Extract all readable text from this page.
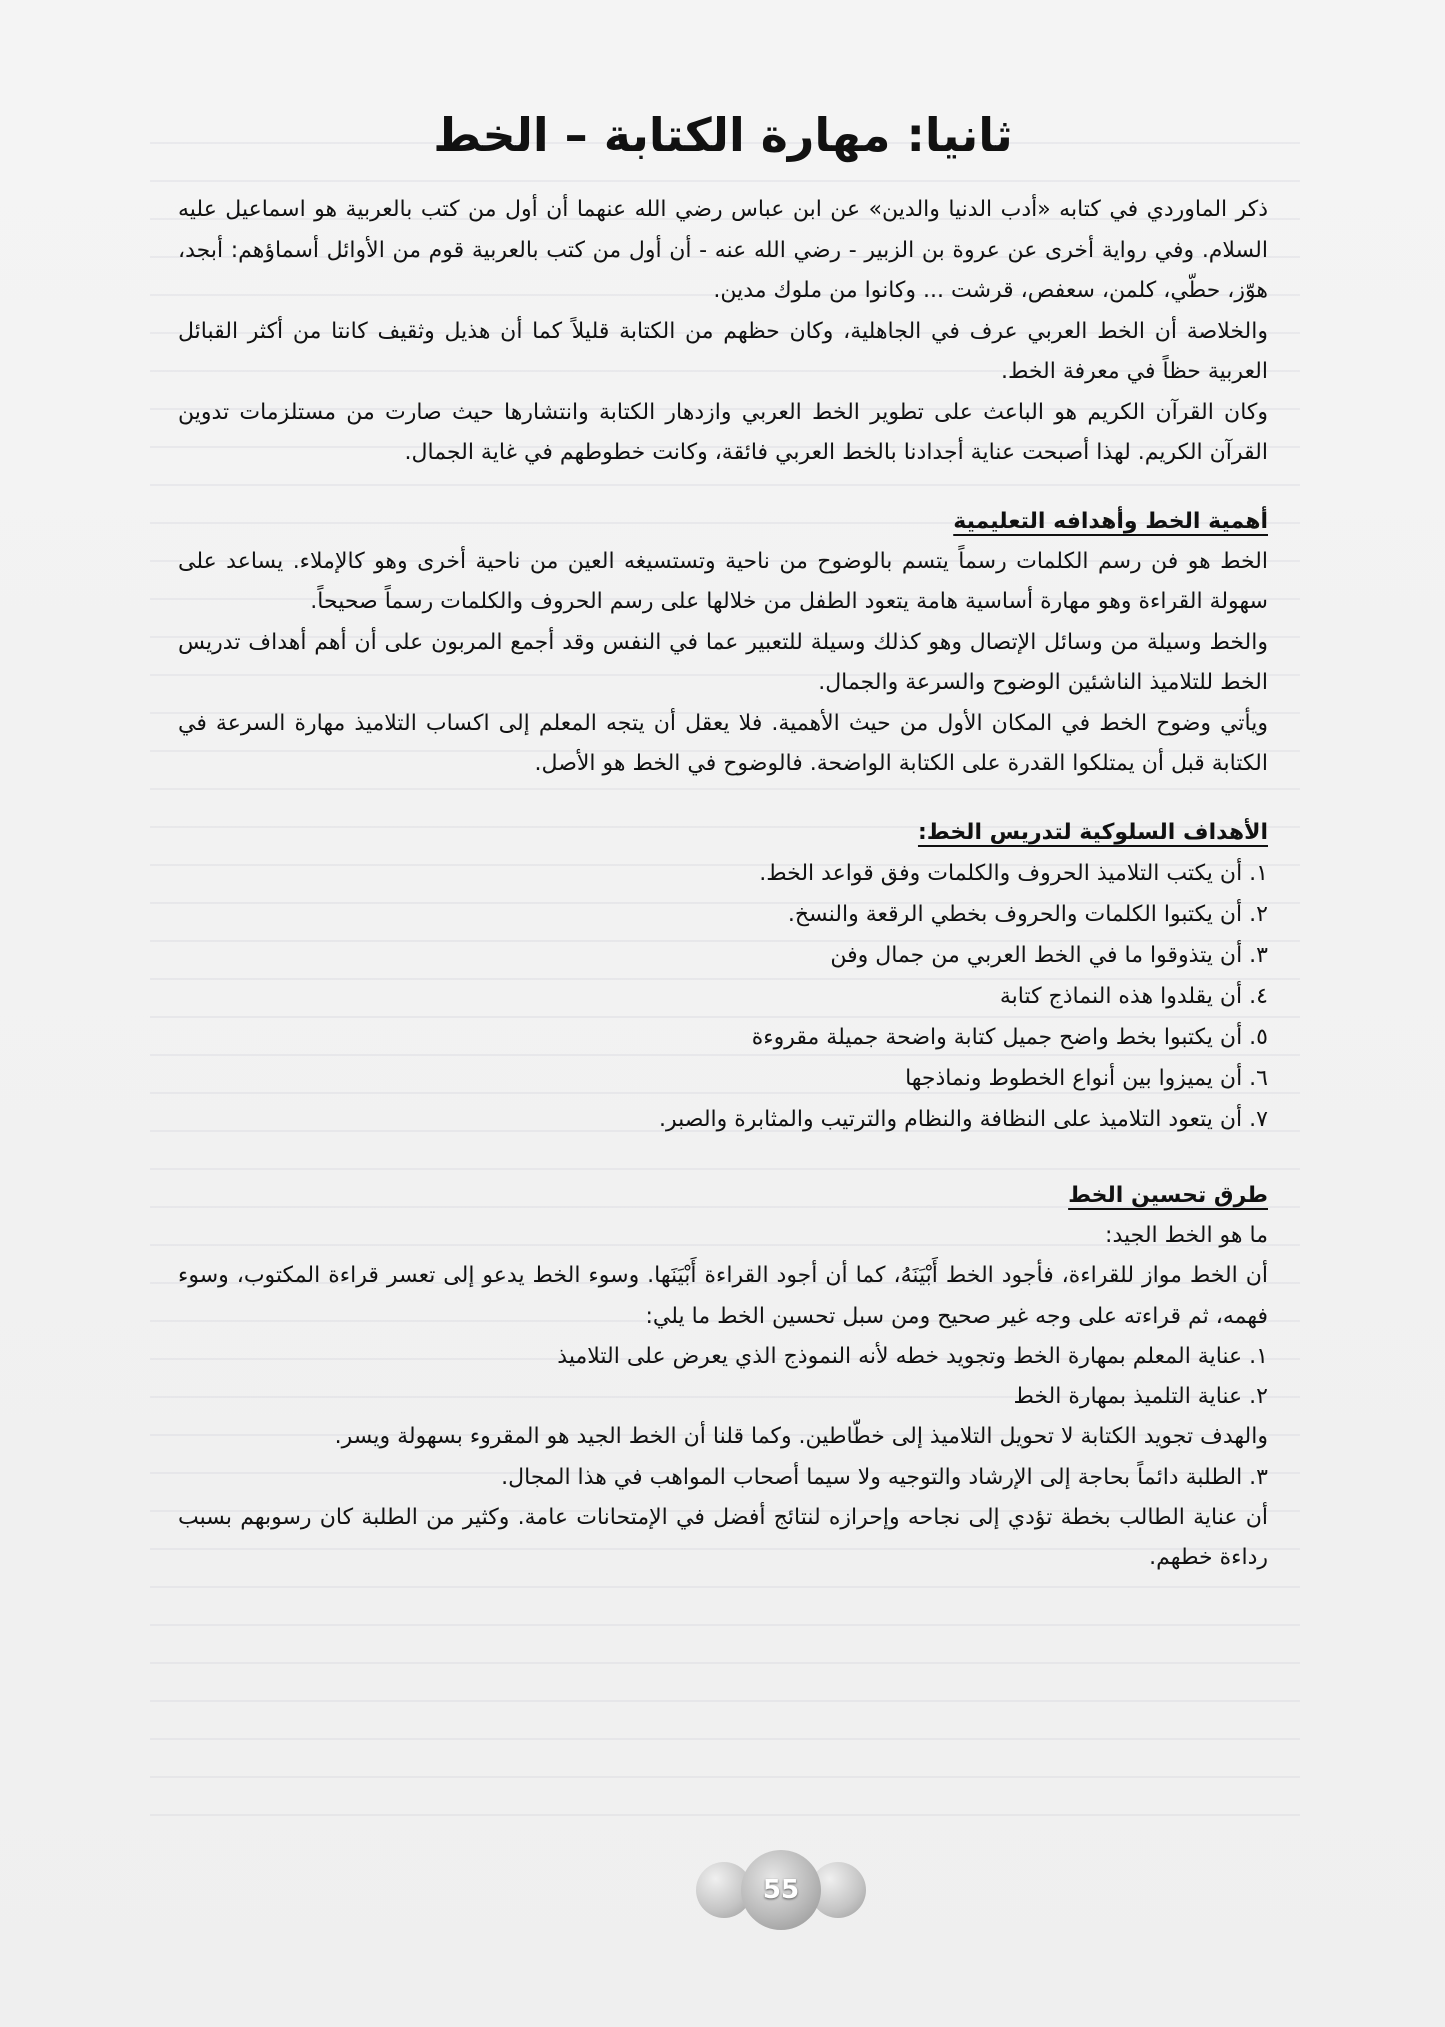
ثانيا: مهارة الكتابة – الخط

ذكر الماوردي في كتابه «أدب الدنيا والدين» عن ابن عباس رضي الله عنهما أن أول من كتب بالعربية هو اسماعيل عليه السلام. وفي رواية أخرى عن عروة بن الزبير - رضي الله عنه - أن أول من كتب بالعربية قوم من الأوائل أسماؤهم: أبجد، هوّز، حطّي، كلمن، سعفص، قرشت ... وكانوا من ملوك مدين.

والخلاصة أن الخط العربي عرف في الجاهلية، وكان حظهم من الكتابة قليلاً كما أن هذيل وثقيف كانتا من أكثر القبائل العربية حظاً في معرفة الخط.

وكان القرآن الكريم هو الباعث على تطوير الخط العربي وازدهار الكتابة وانتشارها حيث صارت من مستلزمات تدوين القرآن الكريم. لهذا أصبحت عناية أجدادنا بالخط العربي فائقة، وكانت خطوطهم في غاية الجمال.

أهمية الخط وأهدافه التعليمية

الخط هو فن رسم الكلمات رسماً يتسم بالوضوح من ناحية وتستسيغه العين من ناحية أخرى وهو كالإملاء. يساعد على سهولة القراءة وهو مهارة أساسية هامة يتعود الطفل من خلالها على رسم الحروف والكلمات رسماً صحيحاً.

والخط وسيلة من وسائل الإتصال وهو كذلك وسيلة للتعبير عما في النفس وقد أجمع المربون على أن أهم أهداف تدريس الخط للتلاميذ الناشئين الوضوح والسرعة والجمال.

ويأتي وضوح الخط في المكان الأول من حيث الأهمية. فلا يعقل أن يتجه المعلم إلى اكساب التلاميذ مهارة السرعة في الكتابة قبل أن يمتلكوا القدرة على الكتابة الواضحة. فالوضوح في الخط هو الأصل.

الأهداف السلوكية لتدريس الخط:
١. أن يكتب التلاميذ الحروف والكلمات وفق قواعد الخط.
٢. أن يكتبوا الكلمات والحروف بخطي الرقعة والنسخ.
٣. أن يتذوقوا ما في الخط العربي من جمال وفن
٤. أن يقلدوا هذه النماذج كتابة
٥. أن يكتبوا بخط واضح جميل كتابة واضحة جميلة مقروءة
٦. أن يميزوا بين أنواع الخطوط ونماذجها
٧. أن يتعود التلاميذ على النظافة والنظام والترتيب والمثابرة والصبر.
طرق تحسين الخط

ما هو الخط الجيد:

أن الخط مواز للقراءة، فأجود الخط أَبْيَنَهُ، كما أن أجود القراءة أَبْيَنَها. وسوء الخط يدعو إلى تعسر قراءة المكتوب، وسوء فهمه، ثم قراءته على وجه غير صحيح ومن سبل تحسين الخط ما يلي:

١. عناية المعلم بمهارة الخط وتجويد خطه لأنه النموذج الذي يعرض على التلاميذ
٢. عناية التلميذ بمهارة الخط

والهدف تجويد الكتابة لا تحويل التلاميذ إلى خطّاطين. وكما قلنا أن الخط الجيد هو المقروء بسهولة ويسر.

٣. الطلبة دائماً بحاجة إلى الإرشاد والتوجيه ولا سيما أصحاب المواهب في هذا المجال.

أن عناية الطالب بخطة تؤدي إلى نجاحه وإحرازه لنتائج أفضل في الإمتحانات عامة. وكثير من الطلبة كان رسوبهم بسبب رداءة خطهم.

55
